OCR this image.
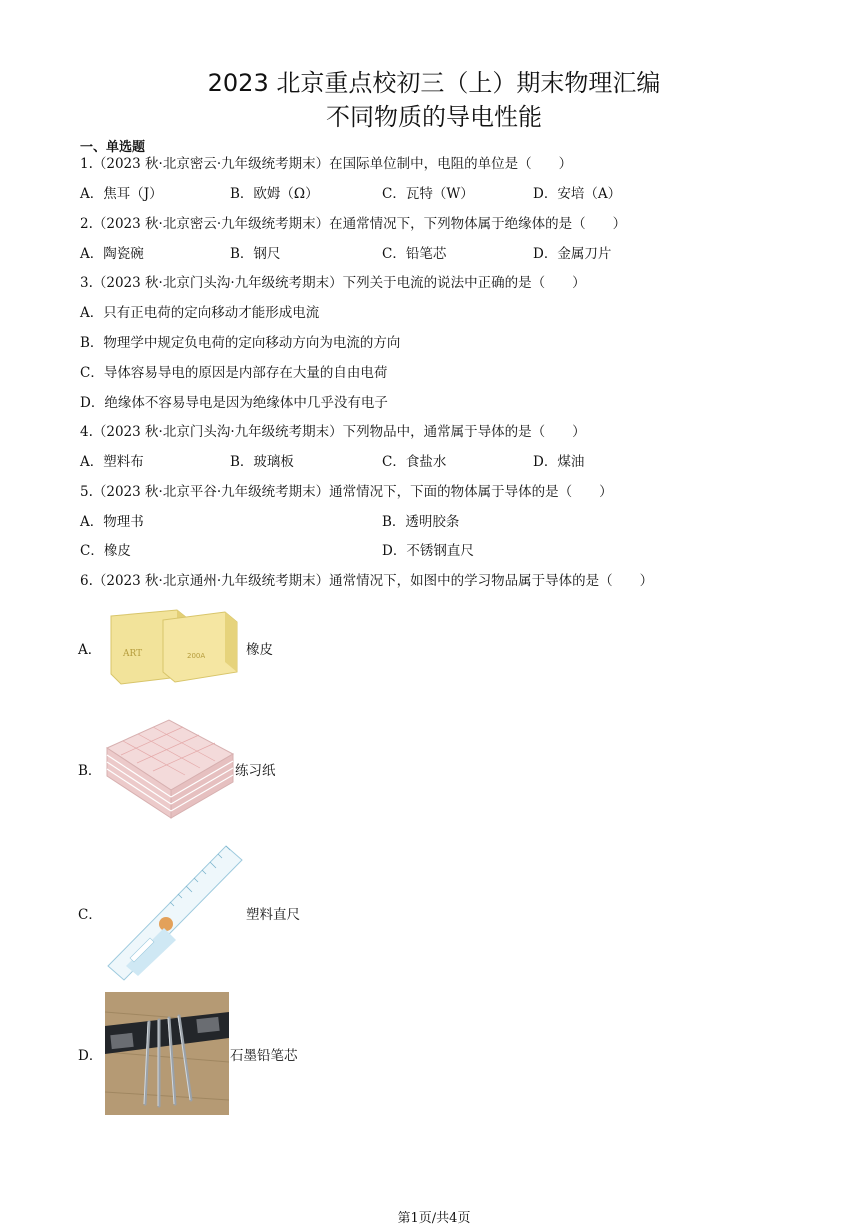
2023 北京重点校初三（上）期末物理汇编
不同物质的导电性能
一、单选题
1.（2023 秋·北京密云·九年级统考期末）在国际单位制中，电阻的单位是（　　）
A．焦耳（J）	B．欧姆（Ω）	C．瓦特（W）	D．安培（A）
2.（2023 秋·北京密云·九年级统考期末）在通常情况下，下列物体属于绝缘体的是（　　）
A．陶瓷碗	B．钢尺	C．铅笔芯	D．金属刀片
3.（2023 秋·北京门头沟·九年级统考期末）下列关于电流的说法中正确的是（　　）
A．只有正电荷的定向移动才能形成电流
B．物理学中规定负电荷的定向移动方向为电流的方向
C．导体容易导电的原因是内部存在大量的自由电荷
D．绝缘体不容易导电是因为绝缘体中几乎没有电子
4.（2023 秋·北京门头沟·九年级统考期末）下列物品中，通常属于导体的是（　　）
A．塑料布	B．玻璃板	C．食盐水	D．煤油
5.（2023 秋·北京平谷·九年级统考期末）通常情况下，下面的物体属于导体的是（　　）
A．物理书	B．透明胶条
C．橡皮	D．不锈钢直尺
6.（2023 秋·北京通州·九年级统考期末）通常情况下，如图中的学习物品属于导体的是（　　）
A． ART	200A	橡皮
B．	练习纸
C．	塑料直尺
D．	石墨铅笔芯
第1页/共4页
